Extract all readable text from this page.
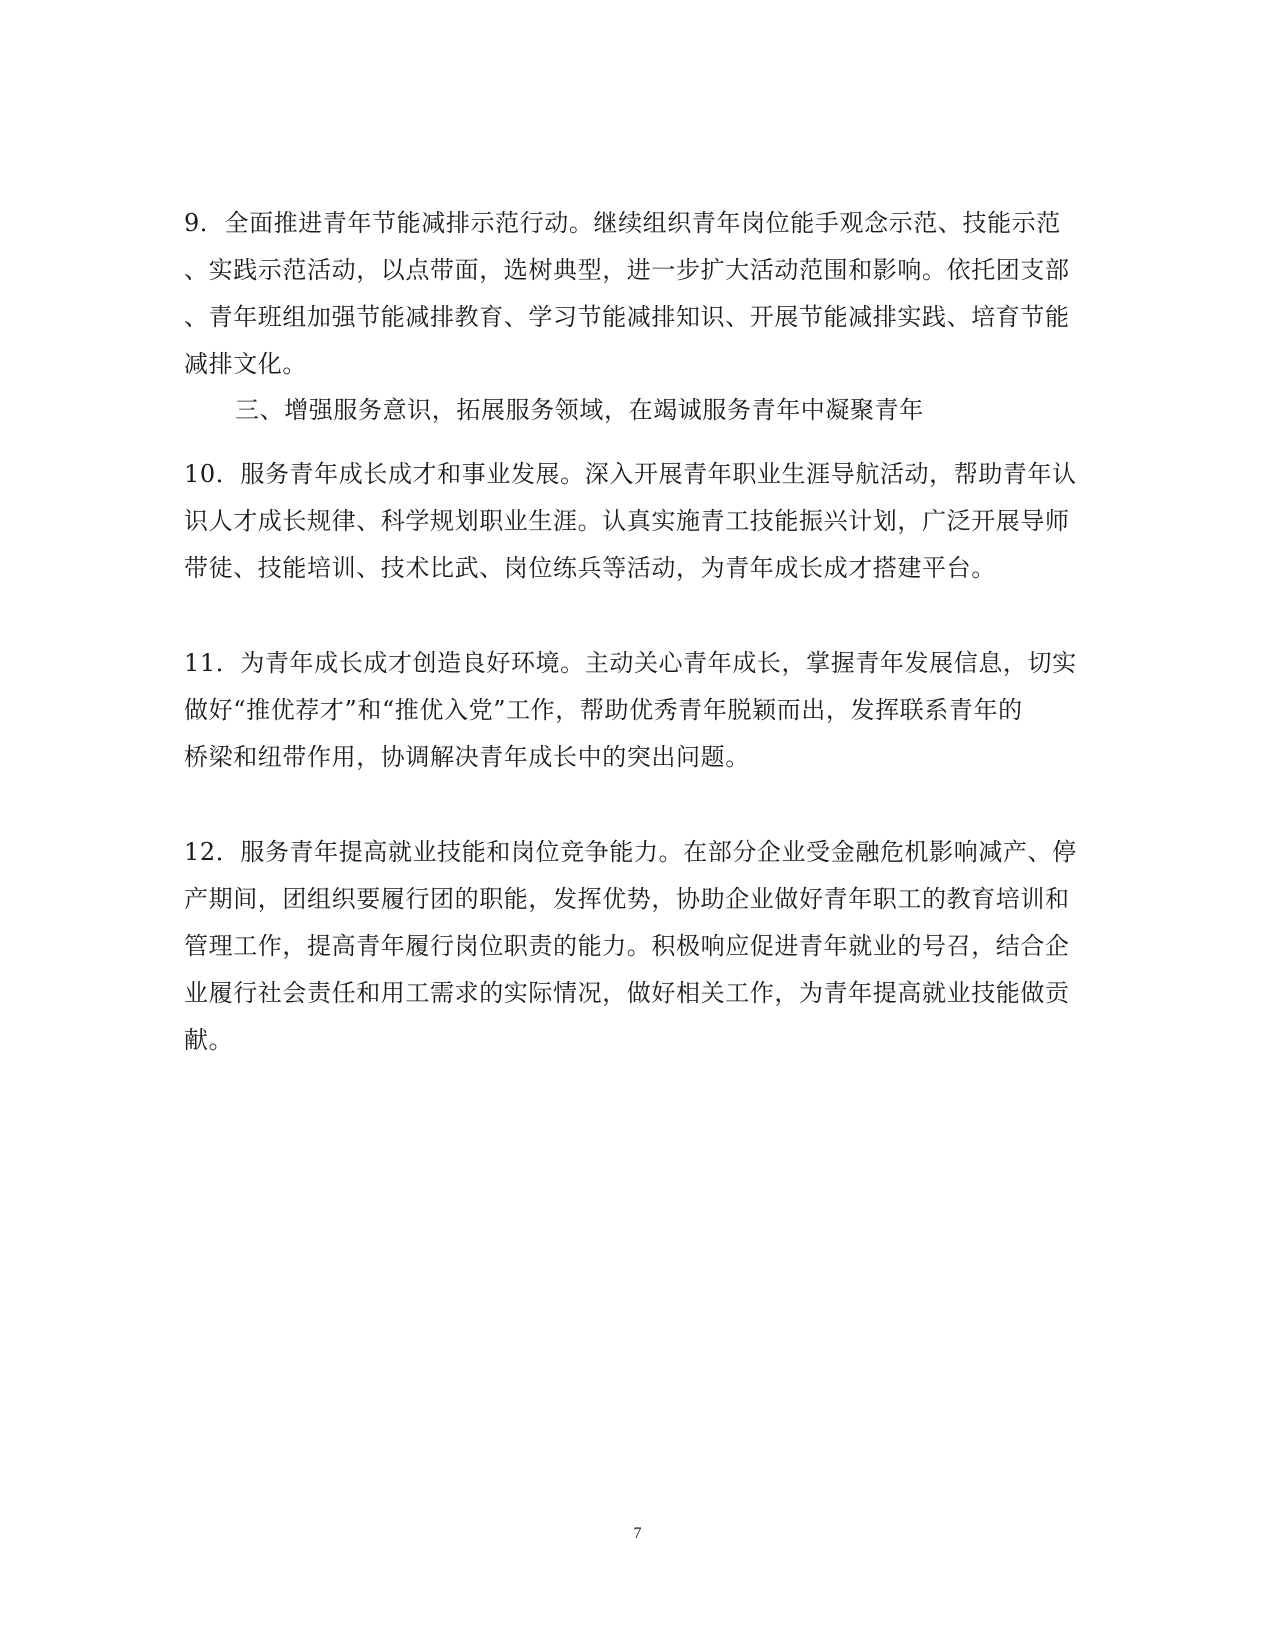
9．全面推进青年节能减排示范行动。继续组织青年岗位能手观念示范、技能示范
、实践示范活动，以点带面，选树典型，进一步扩大活动范围和影响。依托团支部
、青年班组加强节能减排教育、学习节能减排知识、开展节能减排实践、培育节能
减排文化。
三、增强服务意识，拓展服务领域，在竭诚服务青年中凝聚青年
10．服务青年成长成才和事业发展。深入开展青年职业生涯导航活动，帮助青年认
识人才成长规律、科学规划职业生涯。认真实施青工技能振兴计划，广泛开展导师
带徒、技能培训、技术比武、岗位练兵等活动，为青年成长成才搭建平台。
11．为青年成长成才创造良好环境。主动关心青年成长，掌握青年发展信息，切实
做好“推优荐才”和“推优入党”工作，帮助优秀青年脱颖而出，发挥联系青年的
桥梁和纽带作用，协调解决青年成长中的突出问题。
12．服务青年提高就业技能和岗位竞争能力。在部分企业受金融危机影响减产、停
产期间，团组织要履行团的职能，发挥优势，协助企业做好青年职工的教育培训和
管理工作，提高青年履行岗位职责的能力。积极响应促进青年就业的号召，结合企
业履行社会责任和用工需求的实际情况，做好相关工作，为青年提高就业技能做贡
献。
7
